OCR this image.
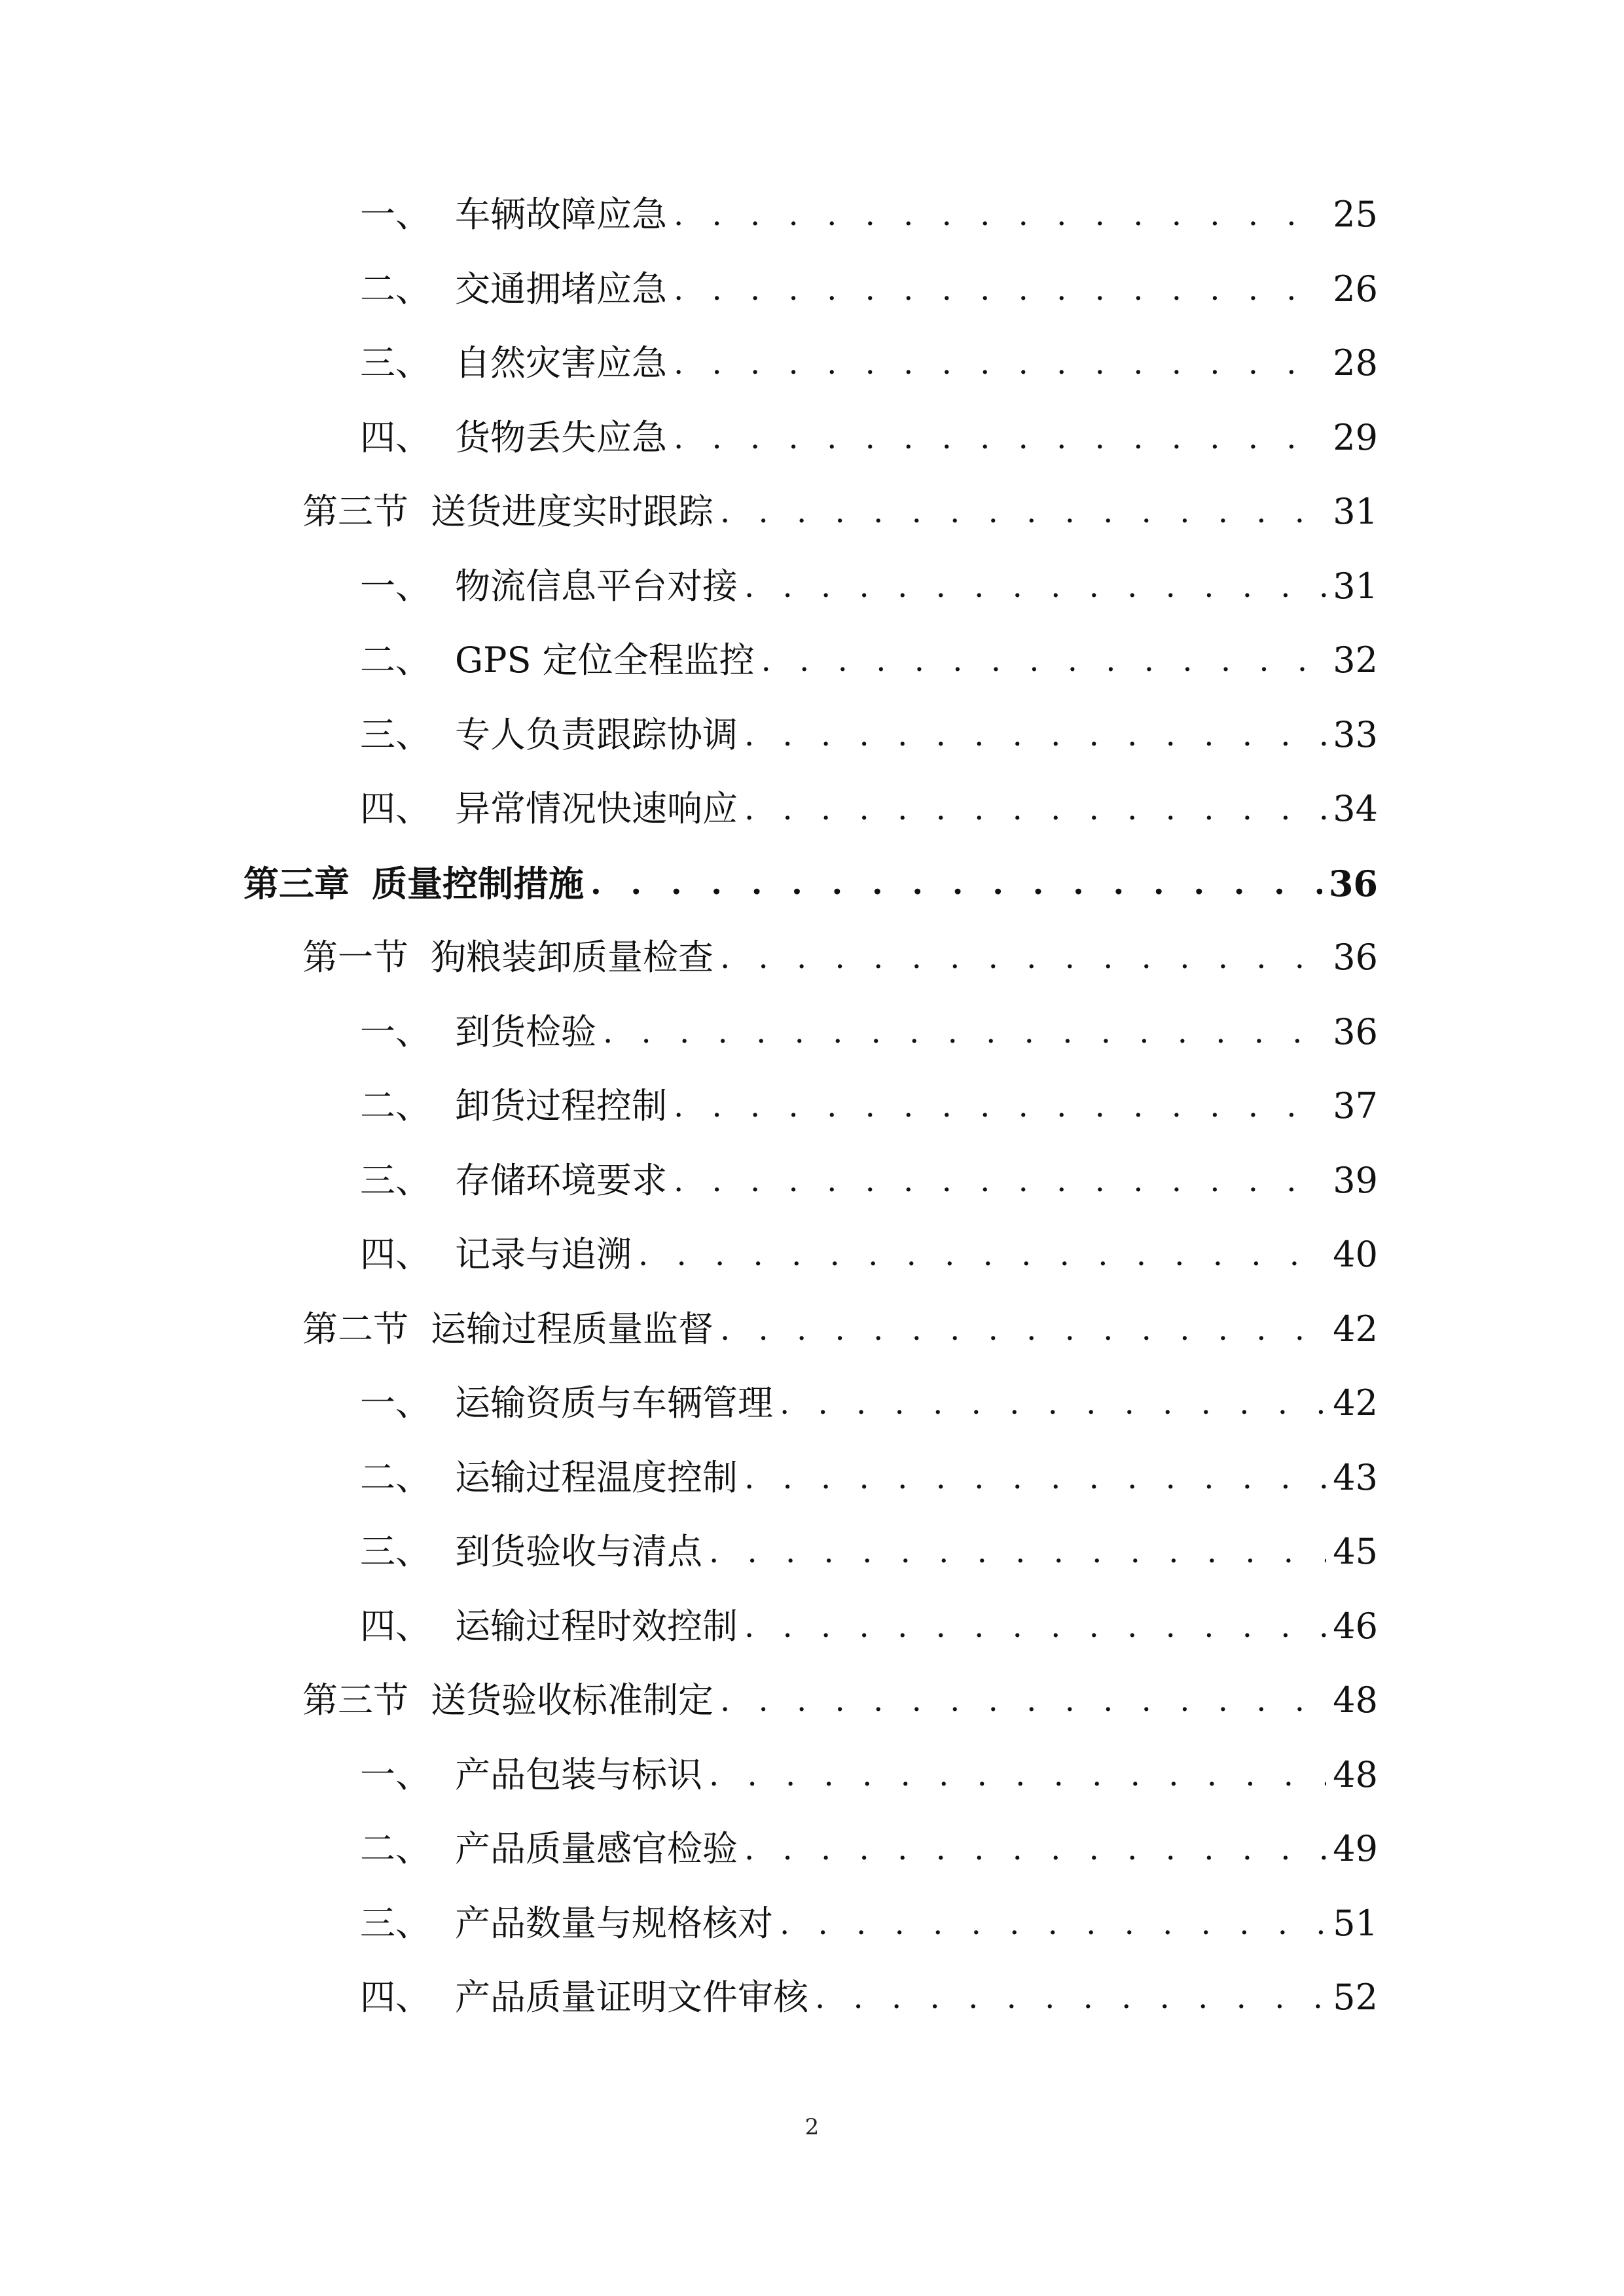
一、 车辆故障应急 . . .	25
二、 交通拥堵应急 . . .	26
三、 自然灾害应急 . . .	28
四、 货物丢失应急 . . .	29
第三节 送货进度实时跟踪 . . .	31
一、 物流信息平台对接 . . .	31
二、 GPS 定位全程监控 . . .	32
三、 专人负责跟踪协调 . . .	33
四、 异常情况快速响应 . . .	34
第三章 质量控制措施 . . .	36
第一节 狗粮装卸质量检查 . . .	36
一、 到货检验 . . .	36
二、 卸货过程控制 . . .	37
三、 存储环境要求 . . .	39
四、 记录与追溯 . . .	40
第二节 运输过程质量监督 . . .	42
一、 运输资质与车辆管理 . . .	42
二、 运输过程温度控制 . . .	43
三、 到货验收与清点 . . .	45
四、 运输过程时效控制 . . .	46
第三节 送货验收标准制定 . . .	48
一、 产品包装与标识 . . .	48
二、 产品质量感官检验 . . .	49
三、 产品数量与规格核对 . . .	51
四、 产品质量证明文件审核 . . .	52
2
